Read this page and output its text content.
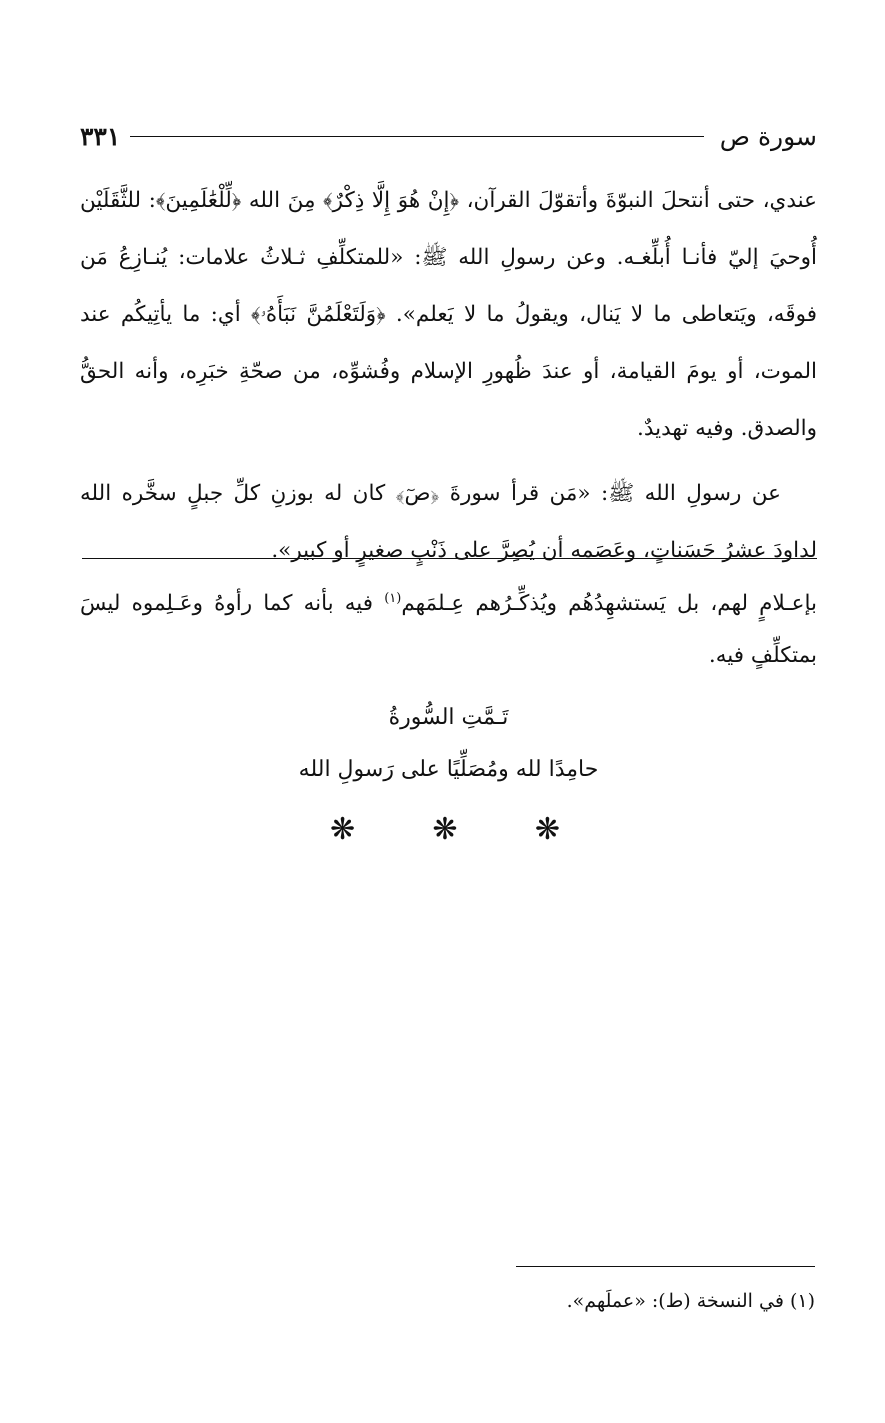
سورة ص
٣٣١

عندي، حتى أنتحلَ النبوّةَ وأتقوّلَ القرآن، ﴿إِنْ هُوَ إِلَّا ذِكْرٌ﴾ مِنَ الله ﴿لِّلْعَٰلَمِينَ﴾: للثَّقَلَيْن أُوحيَ إليّ فأنـا أُبلِّغـه. وعن رسولِ الله ﷺ: «للمتكلِّفِ ثـلاثُ علامات: يُنـازِعُ مَن فوقَه، ويَتعاطى ما لا يَنال، ويقولُ ما لا يَعلم». ﴿وَلَتَعْلَمُنَّ نَبَأَهُۥ﴾ أي: ما يأتِيكُم عند الموت، أو يومَ القيامة، أو عندَ ظُهورِ الإسلام وفُشوِّه، من صحّةِ خبَرِه، وأنه الحقُّ والصدق. وفيه تهديدٌ.

عن رسولِ الله ﷺ: «مَن قرأ سورةَ ﴿صٓ﴾ كان له بوزنِ كلِّ جبلٍ سخَّره الله لداودَ عشرُ حَسَناتٍ، وعَصَمه أن يُصِرَّ على ذَنْبٍ صغيرٍ أو كبير».

بإعـلامٍ لهم، بل يَستشهِدُهُم ويُذكِّـرُهم عِـلمَهم$^{(١)}$ فيه بأنه كما رأوهُ وعَـلِموه ليسَ بمتكلِّفٍ فيه.

تَـمَّتِ السُّورةُ
حامِدًا لله ومُصَلِّيًا على رَسولِ الله
❋	❋	❋
(١) في النسخة (ط): «عملَهم».
